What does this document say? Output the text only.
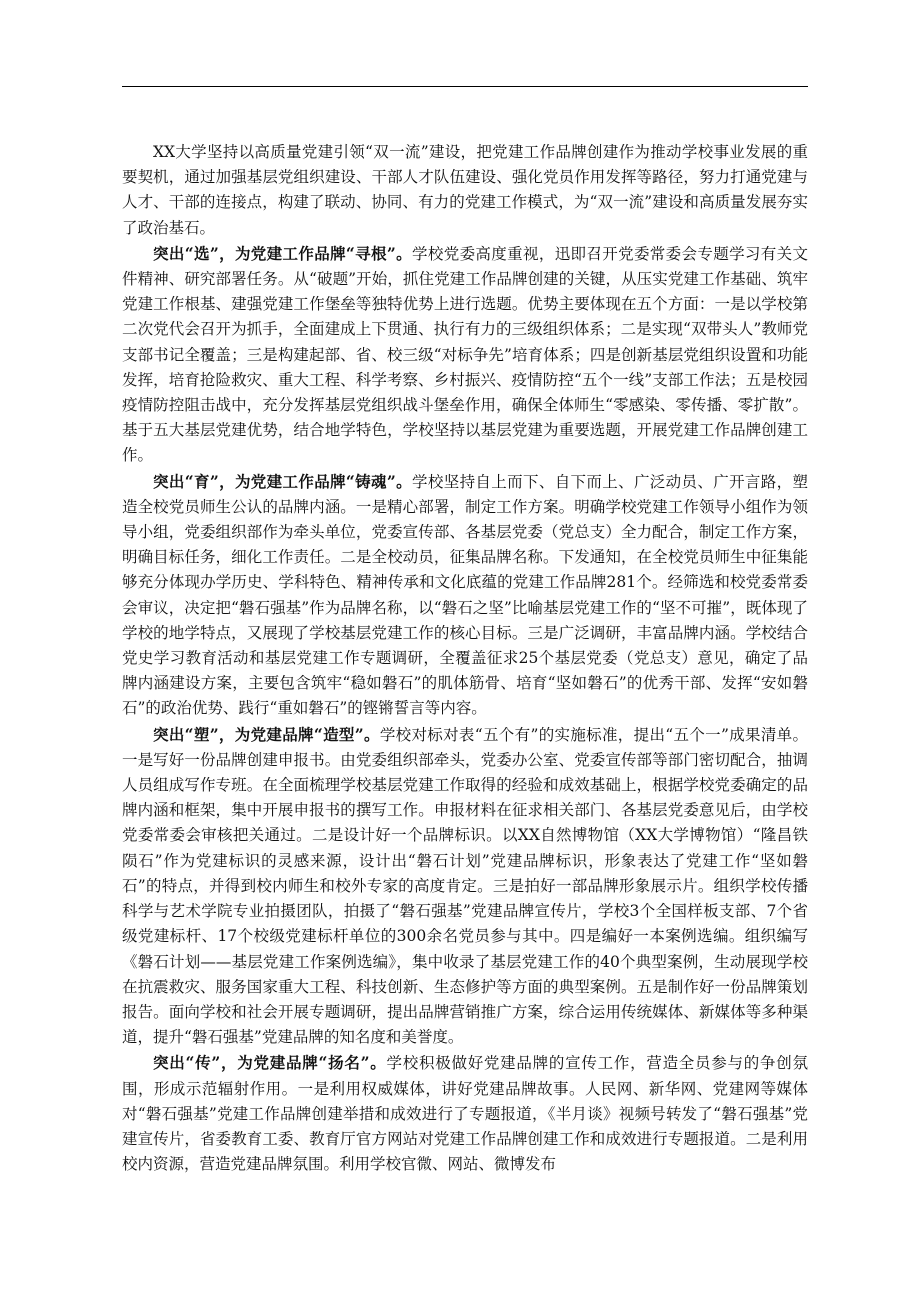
XX大学坚持以高质量党建引领“双一流”建设，把党建工作品牌创建作为推动学校事业发展的重要契机，通过加强基层党组织建设、干部人才队伍建设、强化党员作用发挥等路径，努力打通党建与人才、干部的连接点，构建了联动、协同、有力的党建工作模式，为“双一流”建设和高质量发展夯实了政治基石。

突出“选”，为党建工作品牌“寻根”。学校党委高度重视，迅即召开党委常委会专题学习有关文件精神、研究部署任务。从“破题”开始，抓住党建工作品牌创建的关键，从压实党建工作基础、筑牢党建工作根基、建强党建工作堡垒等独特优势上进行选题。优势主要体现在五个方面：一是以学校第二次党代会召开为抓手，全面建成上下贯通、执行有力的三级组织体系；二是实现“双带头人”教师党支部书记全覆盖；三是构建起部、省、校三级“对标争先”培育体系；四是创新基层党组织设置和功能发挥，培育抢险救灾、重大工程、科学考察、乡村振兴、疫情防控“五个一线”支部工作法；五是校园疫情防控阻击战中，充分发挥基层党组织战斗堡垒作用，确保全体师生“零感染、零传播、零扩散”。基于五大基层党建优势，结合地学特色，学校坚持以基层党建为重要选题，开展党建工作品牌创建工作。

突出“育”，为党建工作品牌“铸魂”。学校坚持自上而下、自下而上、广泛动员、广开言路，塑造全校党员师生公认的品牌内涵。一是精心部署，制定工作方案。明确学校党建工作领导小组作为领导小组，党委组织部作为牵头单位，党委宣传部、各基层党委（党总支）全力配合，制定工作方案，明确目标任务，细化工作责任。二是全校动员，征集品牌名称。下发通知，在全校党员师生中征集能够充分体现办学历史、学科特色、精神传承和文化底蕴的党建工作品牌281个。经筛选和校党委常委会审议，决定把“磐石强基”作为品牌名称，以“磐石之坚”比喻基层党建工作的“坚不可摧”，既体现了学校的地学特点，又展现了学校基层党建工作的核心目标。三是广泛调研，丰富品牌内涵。学校结合党史学习教育活动和基层党建工作专题调研，全覆盖征求25个基层党委（党总支）意见，确定了品牌内涵建设方案，主要包含筑牢“稳如磐石”的肌体筋骨、培育“坚如磐石”的优秀干部、发挥“安如磐石”的政治优势、践行“重如磐石”的铿锵誓言等内容。

突出“塑”，为党建品牌“造型”。学校对标对表“五个有”的实施标准，提出“五个一”成果清单。一是写好一份品牌创建申报书。由党委组织部牵头，党委办公室、党委宣传部等部门密切配合，抽调人员组成写作专班。在全面梳理学校基层党建工作取得的经验和成效基础上，根据学校党委确定的品牌内涵和框架，集中开展申报书的撰写工作。申报材料在征求相关部门、各基层党委意见后，由学校党委常委会审核把关通过。二是设计好一个品牌标识。以XX自然博物馆（XX大学博物馆）“隆昌铁陨石”作为党建标识的灵感来源，设计出“磐石计划”党建品牌标识，形象表达了党建工作“坚如磐石”的特点，并得到校内师生和校外专家的高度肯定。三是拍好一部品牌形象展示片。组织学校传播科学与艺术学院专业拍摄团队，拍摄了“磐石强基”党建品牌宣传片，学校3个全国样板支部、7个省级党建标杆、17个校级党建标杆单位的300余名党员参与其中。四是编好一本案例选编。组织编写《磐石计划——基层党建工作案例选编》，集中收录了基层党建工作的40个典型案例，生动展现学校在抗震救灾、服务国家重大工程、科技创新、生态修护等方面的典型案例。五是制作好一份品牌策划报告。面向学校和社会开展专题调研，提出品牌营销推广方案，综合运用传统媒体、新媒体等多种渠道，提升“磐石强基”党建品牌的知名度和美誉度。

突出“传”，为党建品牌“扬名”。学校积极做好党建品牌的宣传工作，营造全员参与的争创氛围，形成示范辐射作用。一是利用权威媒体，讲好党建品牌故事。人民网、新华网、党建网等媒体对“磐石强基”党建工作品牌创建举措和成效进行了专题报道，《半月谈》视频号转发了“磐石强基”党建宣传片，省委教育工委、教育厅官方网站对党建工作品牌创建工作和成效进行专题报道。二是利用校内资源，营造党建品牌氛围。利用学校官微、网站、微博发布
